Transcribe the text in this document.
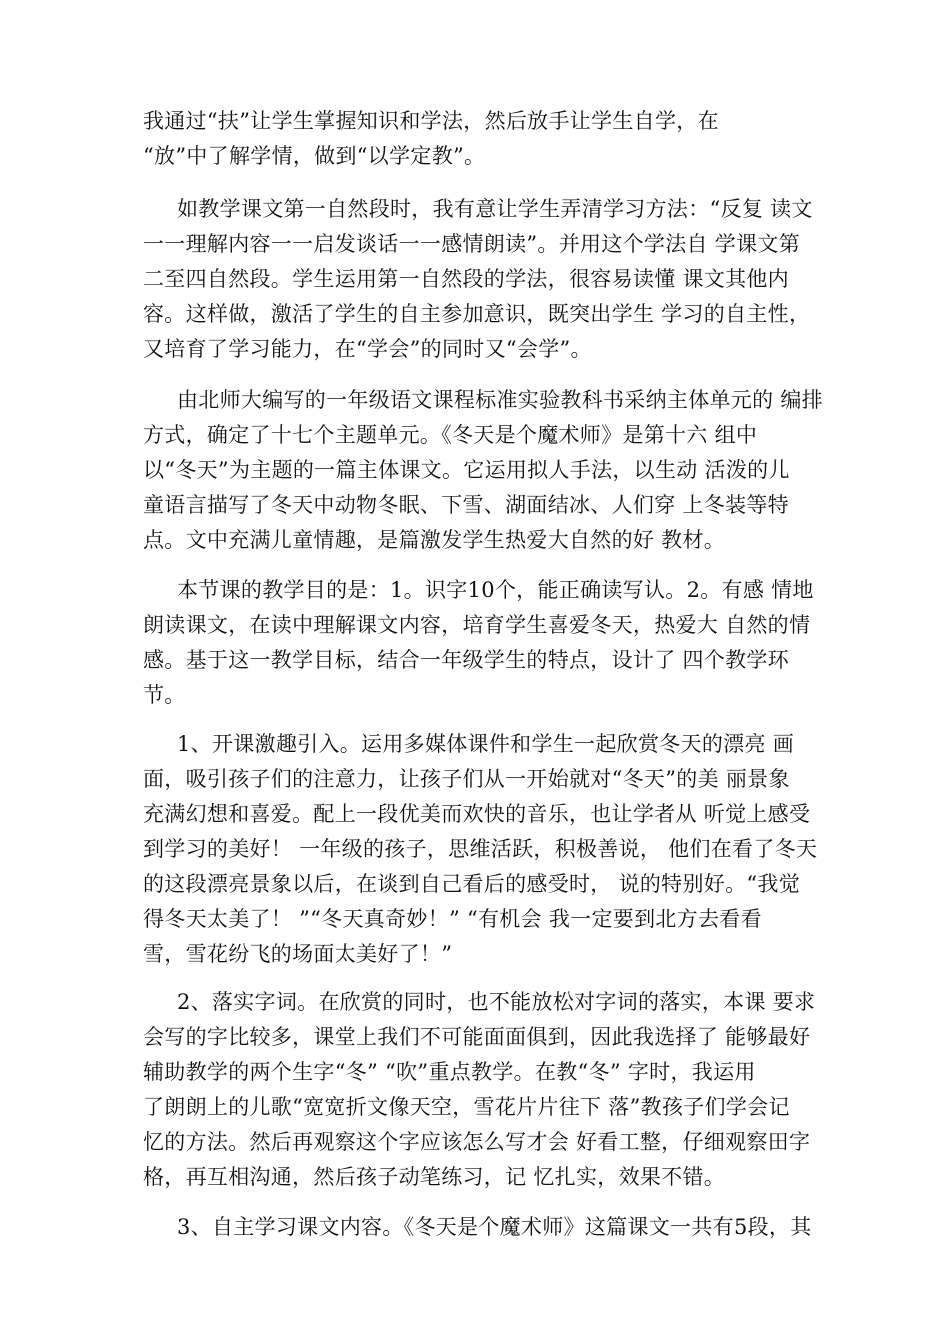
我通过“扶”让学生掌握知识和学法，然后放手让学生自学，在
“放”中了解学情，做到“以学定教”。
如教学课文第一自然段时，我有意让学生弄清学习方法：“反复 读文
一一理解内容一一启发谈话一一感情朗读”。并用这个学法自 学课文第
二至四自然段。学生运用第一自然段的学法，很容易读懂 课文其他内
容。这样做，激活了学生的自主参加意识，既突出学生 学习的自主性，
又培育了学习能力，在“学会”的同时又“会学”。
由北师大编写的一年级语文课程标准实验教科书采纳主体单元的 编排
方式，确定了十七个主题单元。《冬天是个魔术师》是第十六 组中
以“冬天”为主题的一篇主体课文。它运用拟人手法，以生动 活泼的儿
童语言描写了冬天中动物冬眠、下雪、湖面结冰、人们穿 上冬装等特
点。文中充满儿童情趣，是篇激发学生热爱大自然的好 教材。
本节课的教学目的是：1。识字10个，能正确读写认。2。有感 情地
朗读课文，在读中理解课文内容，培育学生喜爱冬天，热爱大 自然的情
感。基于这一教学目标，结合一年级学生的特点，设计了 四个教学环
节。
1、开课激趣引入。运用多媒体课件和学生一起欣赏冬天的漂亮 画
面，吸引孩子们的注意力，让孩子们从一开始就对“冬天”的美 丽景象
充满幻想和喜爱。配上一段优美而欢快的音乐，也让学者从 听觉上感受
到学习的美好！ 一年级的孩子，思维活跃，积极善说， 他们在看了冬天
的这段漂亮景象以后，在谈到自己看后的感受时， 说的特别好。“我觉
得冬天太美了！ ”“冬天真奇妙！” “有机会 我一定要到北方去看看
雪，雪花纷飞的场面太美好了！”
2、落实字词。在欣赏的同时，也不能放松对字词的落实，本课 要求
会写的字比较多，课堂上我们不可能面面俱到，因此我选择了 能够最好
辅助教学的两个生字“冬” “吹”重点教学。在教“冬” 字时，我运用
了朗朗上的儿歌“宽宽折文像天空，雪花片片往下 落”教孩子们学会记
忆的方法。然后再观察这个字应该怎么写才会 好看工整，仔细观察田字
格，再互相沟通，然后孩子动笔练习，记 忆扎实，效果不错。
3、自主学习课文内容。《冬天是个魔术师》这篇课文一共有5段，其
